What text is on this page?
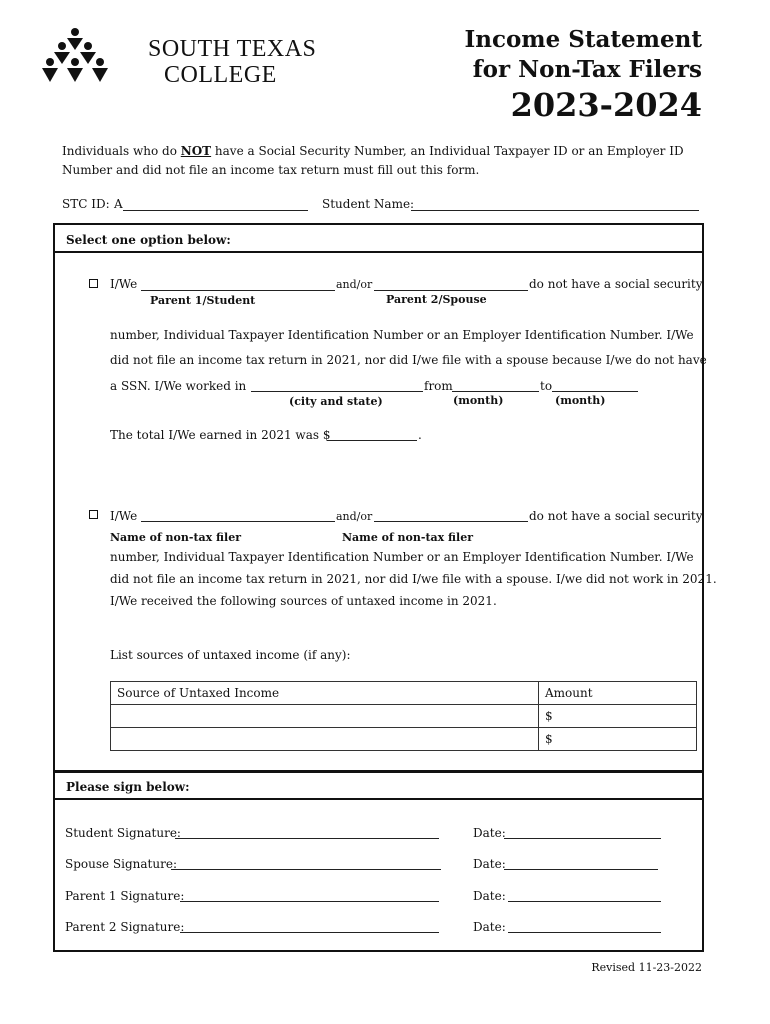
SOUTH TEXAS
COLLEGE
Income Statement
for Non-Tax Filers
2023-2024
Individuals who do NOT have a Social Security Number, an Individual Taxpayer ID or an Employer ID
Number and did not file an income tax return must fill out this form.
STC ID: A	Student Name:
Select one option below:
I/We	and/or	do not have a social security
Parent 1/Student	Parent 2/Spouse
number, Individual Taxpayer Identification Number or an Employer Identification Number. I/We
did not file an income tax return in 2021, nor did I/we file with a spouse because I/we do not have
a SSN. I/We worked in	from	to
(city and state)	(month)	(month)
The total I/We earned in 2021 was $	.
I/We	and/or	do not have a social security
Name of non-tax filer	Name of non-tax filer
number, Individual Taxpayer Identification Number or an Employer Identification Number. I/We
did not file an income tax return in 2021, nor did I/we file with a spouse. I/we did not work in 2021.
I/We received the following sources of untaxed income in 2021.
List sources of untaxed income (if any):
Source of Untaxed Income	Amount
	$
	$
Please sign below:
Student Signature:	Date:
Spouse Signature:	Date:
Parent 1 Signature:	Date:
Parent 2 Signature:	Date:
Revised 11-23-2022
